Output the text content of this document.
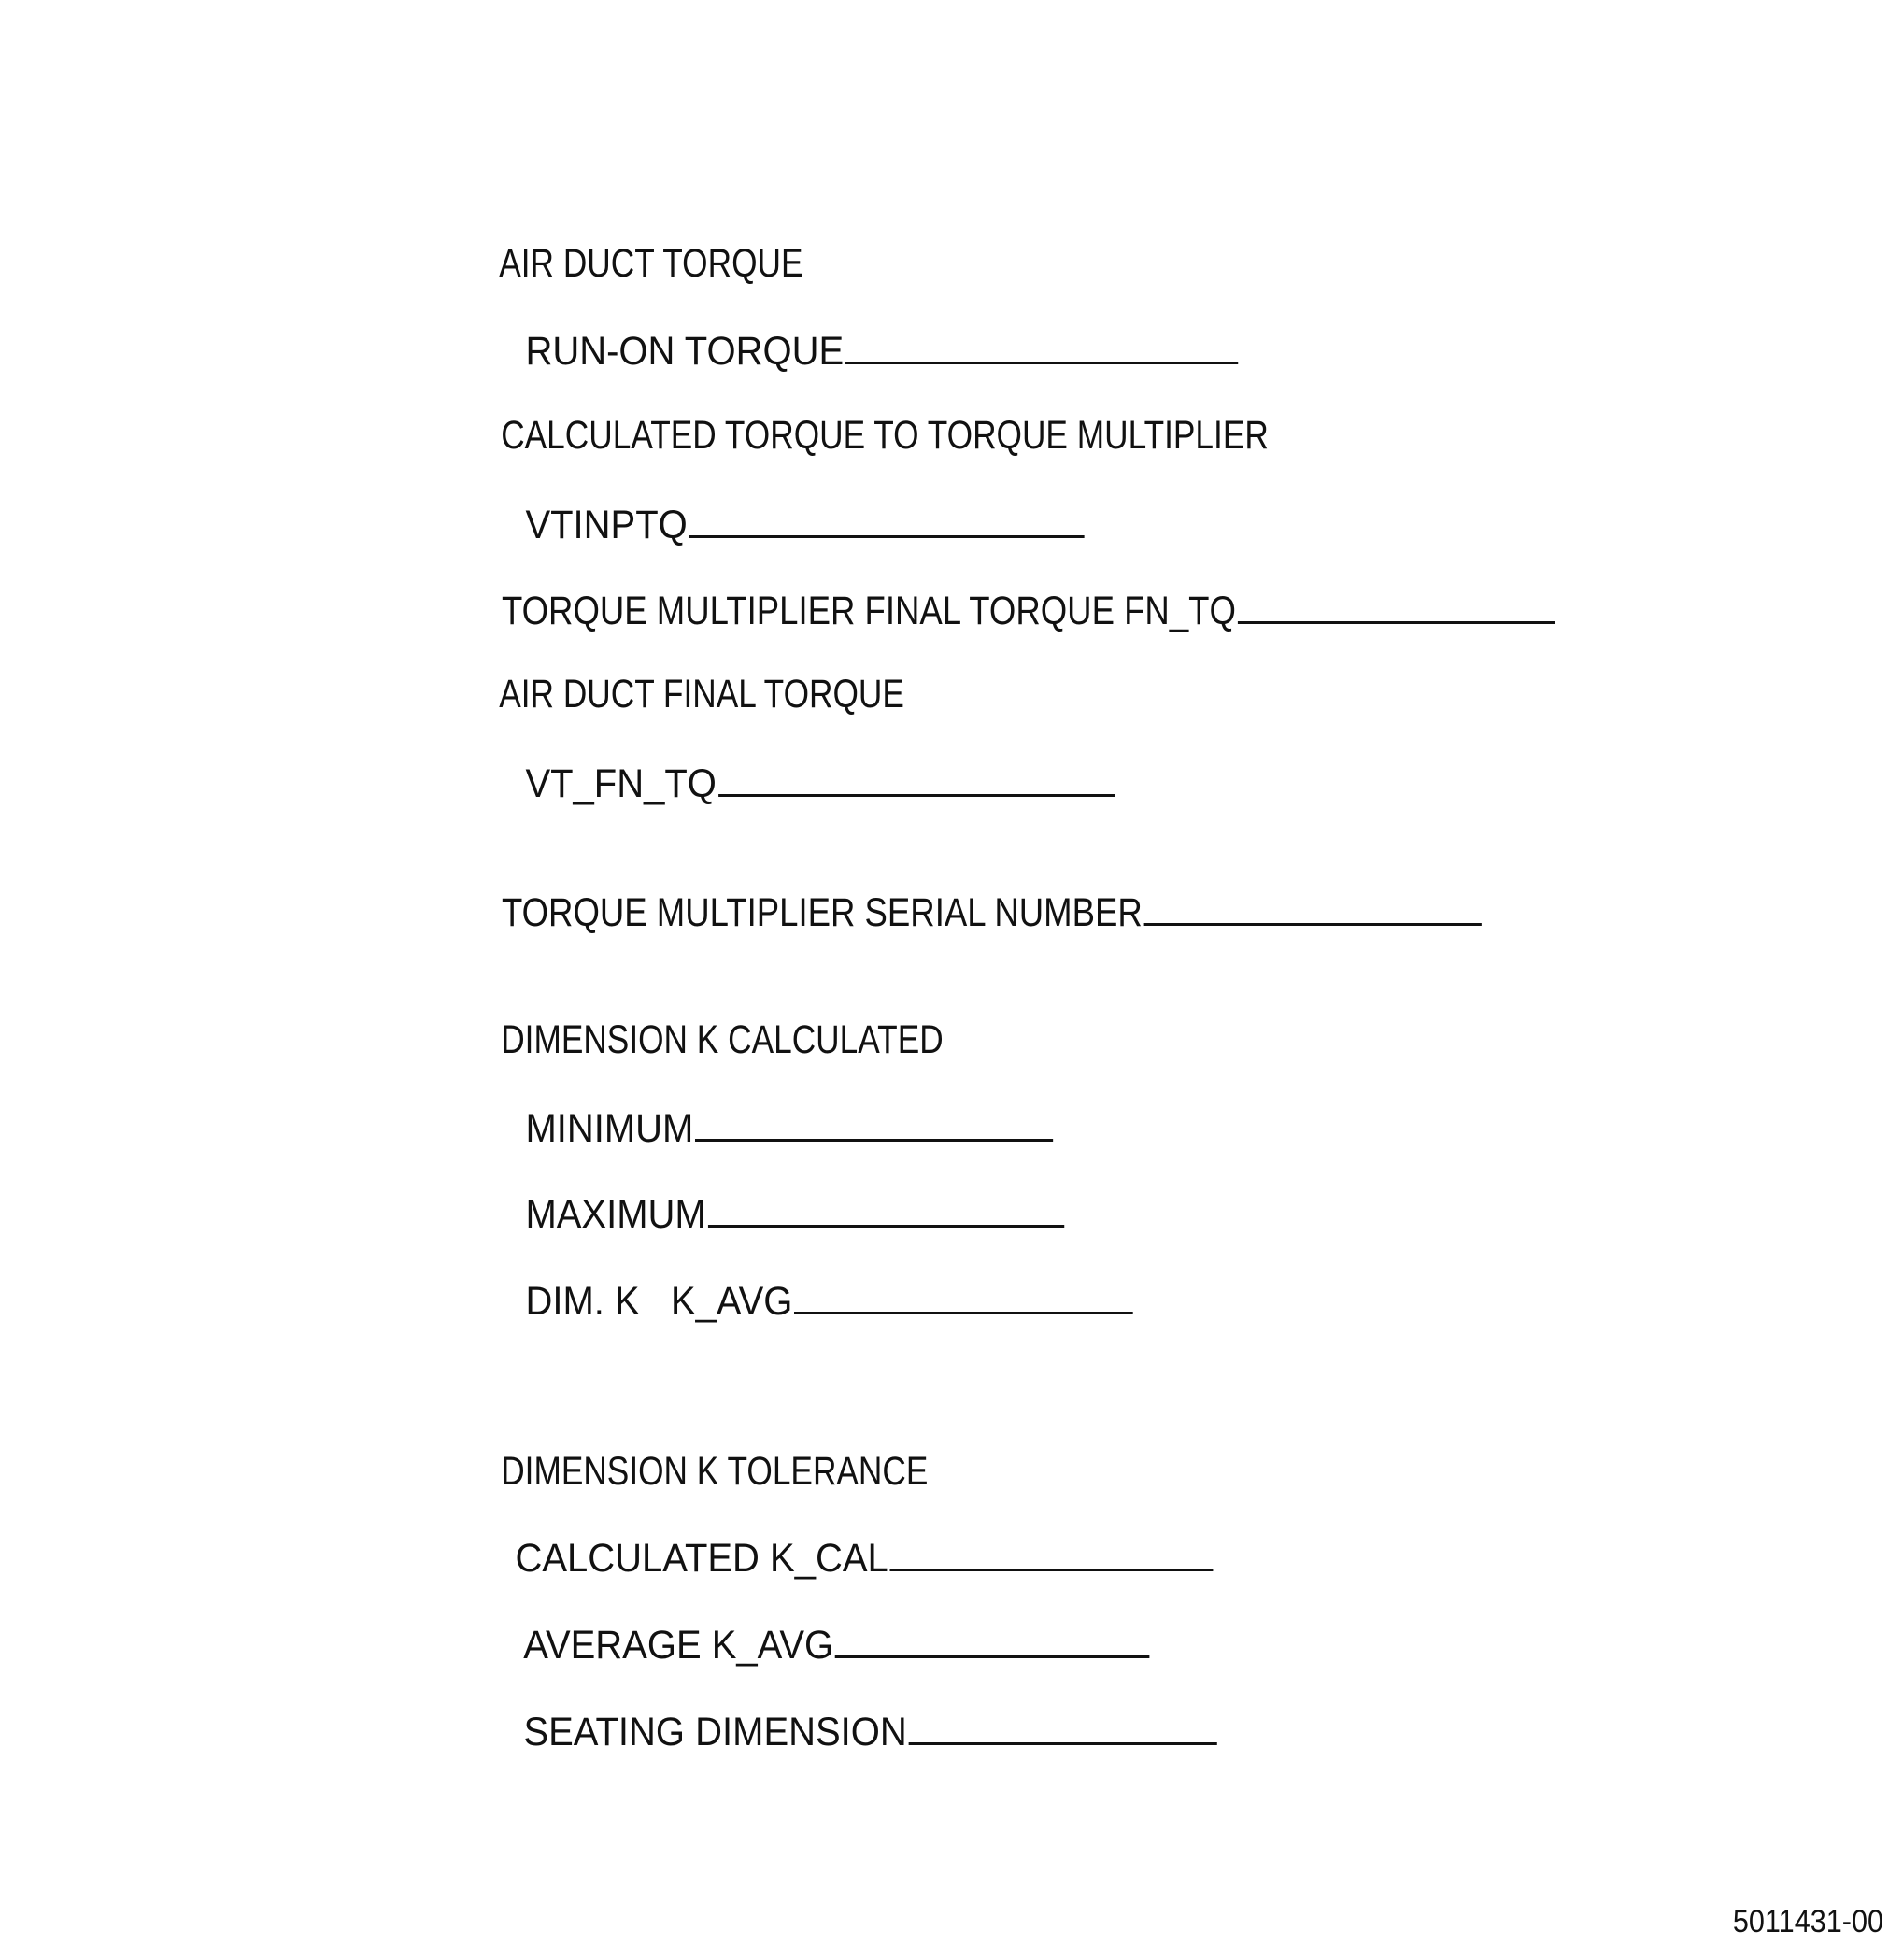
AIR DUCT TORQUE

RUN-ON TORQUE

CALCULATED TORQUE TO TORQUE MULTIPLIER

VTINPTQ

TORQUE MULTIPLIER FINAL TORQUE FN_TQ

AIR DUCT FINAL TORQUE

VT_FN_TQ

TORQUE MULTIPLIER SERIAL NUMBER

DIMENSION K CALCULATED

MINIMUM

MAXIMUM

DIM. K   K_AVG

DIMENSION K TOLERANCE

CALCULATED K_CAL

AVERAGE K_AVG

SEATING DIMENSION

5011431-00
